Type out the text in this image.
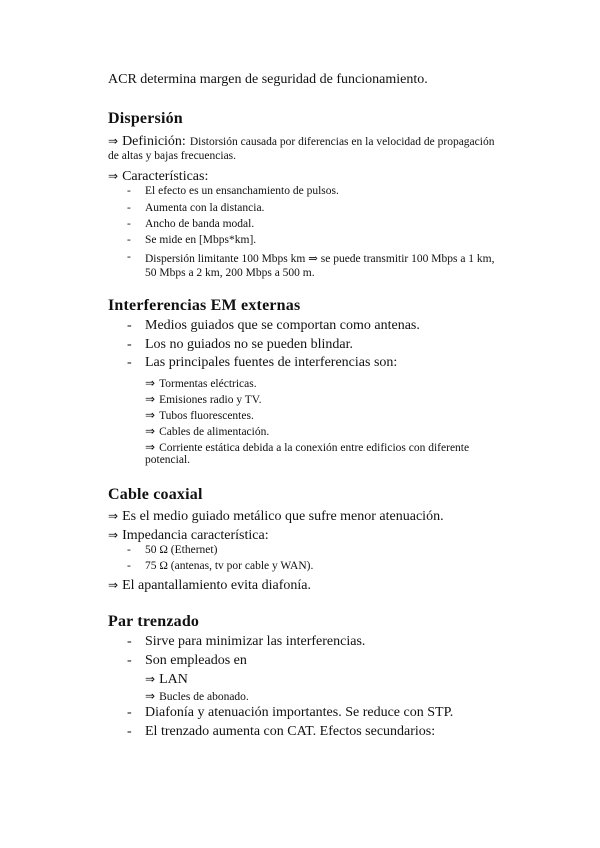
ACR determina margen de seguridad de funcionamiento.
Dispersión
⇒ Definición: Distorsión causada por diferencias en la velocidad de propagación
de altas y bajas frecuencias.
⇒ Características:
- El efecto es un ensanchamiento de pulsos.
- Aumenta con la distancia.
- Ancho de banda modal.
- Se mide en [Mbps*km].
- Dispersión limitante 100 Mbps km ⇒ se puede transmitir 100 Mbps a 1 km,
50 Mbps a 2 km, 200 Mbps a 500 m.
Interferencias EM externas
- Medios guiados que se comportan como antenas.
- Los no guiados no se pueden blindar.
- Las principales fuentes de interferencias son:
⇒ Tormentas eléctricas.
⇒ Emisiones radio y TV.
⇒ Tubos fluorescentes.
⇒ Cables de alimentación.
⇒ Corriente estática debida a la conexión entre edificios con diferente
potencial.
Cable coaxial
⇒ Es el medio guiado metálico que sufre menor atenuación.
⇒ Impedancia característica:
- 50 Ω (Ethernet)
- 75 Ω (antenas, tv por cable y WAN).
⇒ El apantallamiento evita diafonía.
Par trenzado
- Sirve para minimizar las interferencias.
- Son empleados en
⇒ LAN
⇒ Bucles de abonado.
- Diafonía y atenuación importantes. Se reduce con STP.
- El trenzado aumenta con CAT. Efectos secundarios:
